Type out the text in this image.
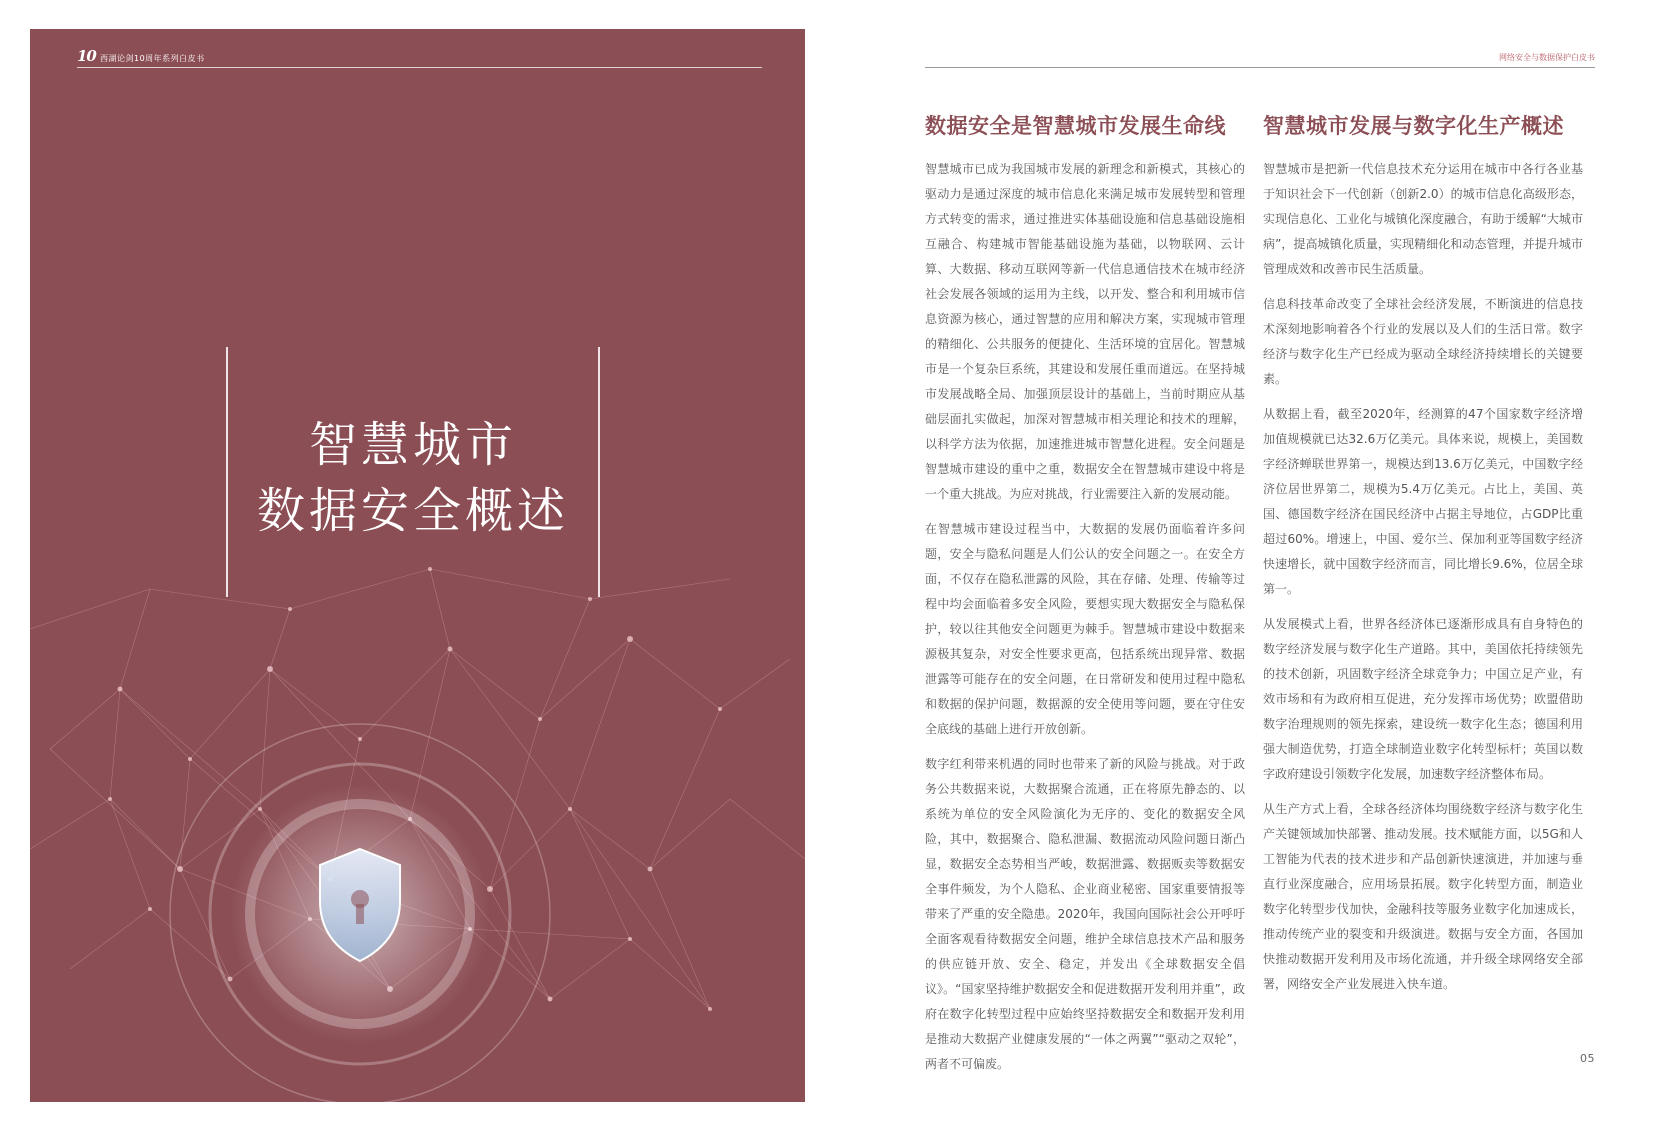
10 西湖论剑10周年系列白皮书
智慧城市
数据安全概述
网络安全与数据保护白皮书
数据安全是智慧城市发展生命线

智慧城市已成为我国城市发展的新理念和新模式，其核心的驱动力是通过深度的城市信息化来满足城市发展转型和管理方式转变的需求，通过推进实体基础设施和信息基础设施相互融合、构建城市智能基础设施为基础，以物联网、云计算、大数据、移动互联网等新一代信息通信技术在城市经济社会发展各领域的运用为主线，以开发、整合和利用城市信息资源为核心，通过智慧的应用和解决方案，实现城市管理的精细化、公共服务的便捷化、生活环境的宜居化。智慧城市是一个复杂巨系统，其建设和发展任重而道远。在坚持城市发展战略全局、加强顶层设计的基础上，当前时期应从基础层面扎实做起，加深对智慧城市相关理论和技术的理解，以科学方法为依据，加速推进城市智慧化进程。安全问题是智慧城市建设的重中之重，数据安全在智慧城市建设中将是一个重大挑战。为应对挑战，行业需要注入新的发展动能。

在智慧城市建设过程当中，大数据的发展仍面临着许多问题，安全与隐私问题是人们公认的安全问题之一。在安全方面，不仅存在隐私泄露的风险，其在存储、处理、传输等过程中均会面临着多安全风险，要想实现大数据安全与隐私保护，较以往其他安全问题更为棘手。智慧城市建设中数据来源极其复杂，对安全性要求更高，包括系统出现异常、数据泄露等可能存在的安全问题，在日常研发和使用过程中隐私和数据的保护问题，数据源的安全使用等问题，要在守住安全底线的基础上进行开放创新。

数字红利带来机遇的同时也带来了新的风险与挑战。对于政务公共数据来说，大数据聚合流通，正在将原先静态的、以系统为单位的安全风险演化为无序的、变化的数据安全风险，其中，数据聚合、隐私泄漏、数据流动风险问题日渐凸显，数据安全态势相当严峻，数据泄露、数据贩卖等数据安全事件频发，为个人隐私、企业商业秘密、国家重要情报等带来了严重的安全隐患。2020年，我国向国际社会公开呼吁全面客观看待数据安全问题，维护全球信息技术产品和服务的供应链开放、安全、稳定，并发出《全球数据安全倡议》。“国家坚持维护数据安全和促进数据开发利用并重”，政府在数字化转型过程中应始终坚持数据安全和数据开发利用是推动大数据产业健康发展的“一体之两翼”“驱动之双轮”，两者不可偏废。

智慧城市发展与数字化生产概述

智慧城市是把新一代信息技术充分运用在城市中各行各业基于知识社会下一代创新（创新2.0）的城市信息化高级形态，实现信息化、工业化与城镇化深度融合，有助于缓解“大城市病”，提高城镇化质量，实现精细化和动态管理，并提升城市管理成效和改善市民生活质量。

信息科技革命改变了全球社会经济发展，不断演进的信息技术深刻地影响着各个行业的发展以及人们的生活日常。数字经济与数字化生产已经成为驱动全球经济持续增长的关键要素。

从数据上看，截至2020年，经测算的47个国家数字经济增加值规模就已达32.6万亿美元。具体来说，规模上，美国数字经济蝉联世界第一，规模达到13.6万亿美元，中国数字经济位居世界第二，规模为5.4万亿美元。占比上，美国、英国、德国数字经济在国民经济中占据主导地位，占GDP比重超过60%。增速上，中国、爱尔兰、保加利亚等国数字经济快速增长，就中国数字经济而言，同比增长9.6%，位居全球第一。

从发展模式上看，世界各经济体已逐渐形成具有自身特色的数字经济发展与数字化生产道路。其中，美国依托持续领先的技术创新，巩固数字经济全球竞争力；中国立足产业，有效市场和有为政府相互促进，充分发挥市场优势；欧盟借助数字治理规则的领先探索，建设统一数字化生态；德国利用强大制造优势，打造全球制造业数字化转型标杆；英国以数字政府建设引领数字化发展，加速数字经济整体布局。

从生产方式上看，全球各经济体均围绕数字经济与数字化生产关键领域加快部署、推动发展。技术赋能方面，以5G和人工智能为代表的技术进步和产品创新快速演进，并加速与垂直行业深度融合，应用场景拓展。数字化转型方面，制造业数字化转型步伐加快，金融科技等服务业数字化加速成长，推动传统产业的裂变和升级演进。数据与安全方面，各国加快推动数据开发利用及市场化流通，并升级全球网络安全部署，网络安全产业发展进入快车道。

05
